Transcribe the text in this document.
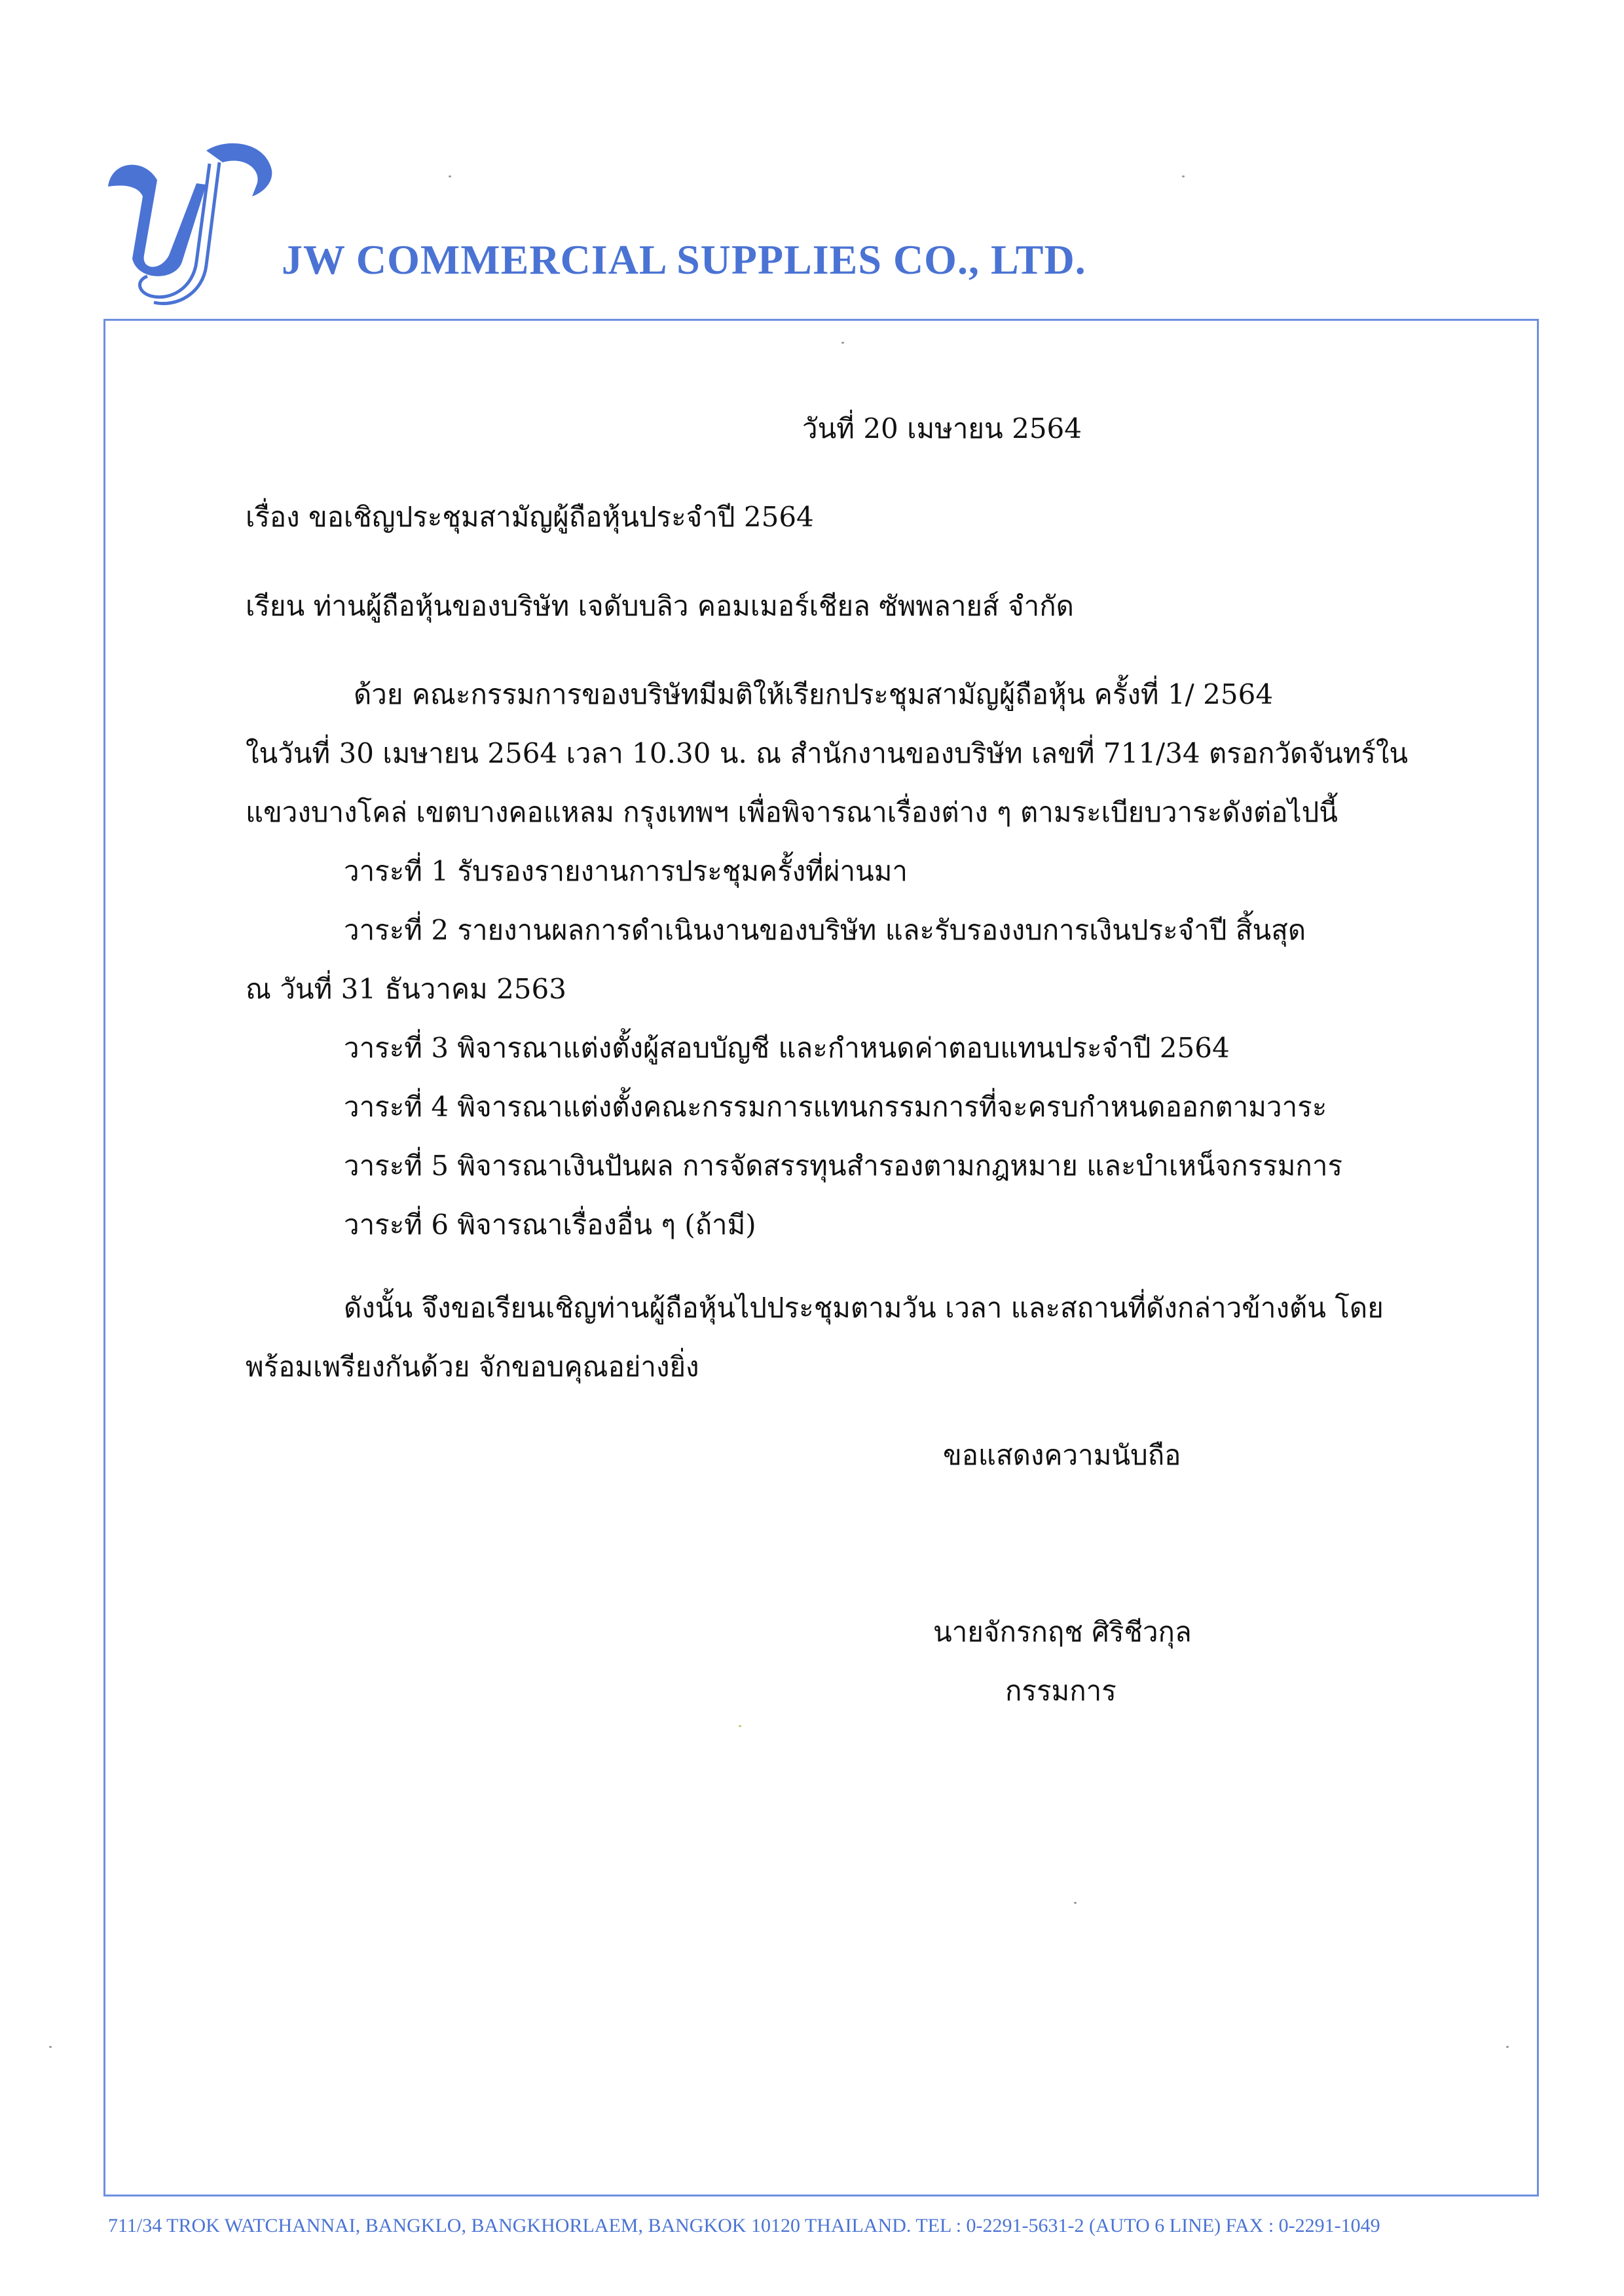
JW COMMERCIAL SUPPLIES CO., LTD.
วันที่ 20 เมษายน 2564
เรื่อง ขอเชิญประชุมสามัญผู้ถือหุ้นประจำปี 2564
เรียน ท่านผู้ถือหุ้นของบริษัท เจดับบลิว คอมเมอร์เชียล ซัพพลายส์ จำกัด
ด้วย คณะกรรมการของบริษัทมีมติให้เรียกประชุมสามัญผู้ถือหุ้น ครั้งที่ 1/ 2564
ในวันที่ 30 เมษายน 2564 เวลา 10.30 น. ณ สำนักงานของบริษัท เลขที่ 711/34 ตรอกวัดจันทร์ใน
แขวงบางโคล่ เขตบางคอแหลม กรุงเทพฯ เพื่อพิจารณาเรื่องต่าง ๆ ตามระเบียบวาระดังต่อไปนี้
วาระที่ 1 รับรองรายงานการประชุมครั้งที่ผ่านมา
วาระที่ 2 รายงานผลการดำเนินงานของบริษัท และรับรองงบการเงินประจำปี สิ้นสุด
ณ วันที่ 31 ธันวาคม 2563
วาระที่ 3 พิจารณาแต่งตั้งผู้สอบบัญชี และกำหนดค่าตอบแทนประจำปี 2564
วาระที่ 4 พิจารณาแต่งตั้งคณะกรรมการแทนกรรมการที่จะครบกำหนดออกตามวาระ
วาระที่ 5 พิจารณาเงินปันผล การจัดสรรทุนสำรองตามกฎหมาย และบำเหน็จกรรมการ
วาระที่ 6 พิจารณาเรื่องอื่น ๆ (ถ้ามี)
ดังนั้น จึงขอเรียนเชิญท่านผู้ถือหุ้นไปประชุมตามวัน เวลา และสถานที่ดังกล่าวข้างต้น โดย
พร้อมเพรียงกันด้วย จักขอบคุณอย่างยิ่ง
ขอแสดงความนับถือ
นายจักรกฤช ศิริชีวกุล
กรรมการ
711/34 TROK WATCHANNAI, BANGKLO, BANGKHORLAEM, BANGKOK 10120 THAILAND. TEL : 0-2291-5631-2 (AUTO 6 LINE) FAX : 0-2291-1049
